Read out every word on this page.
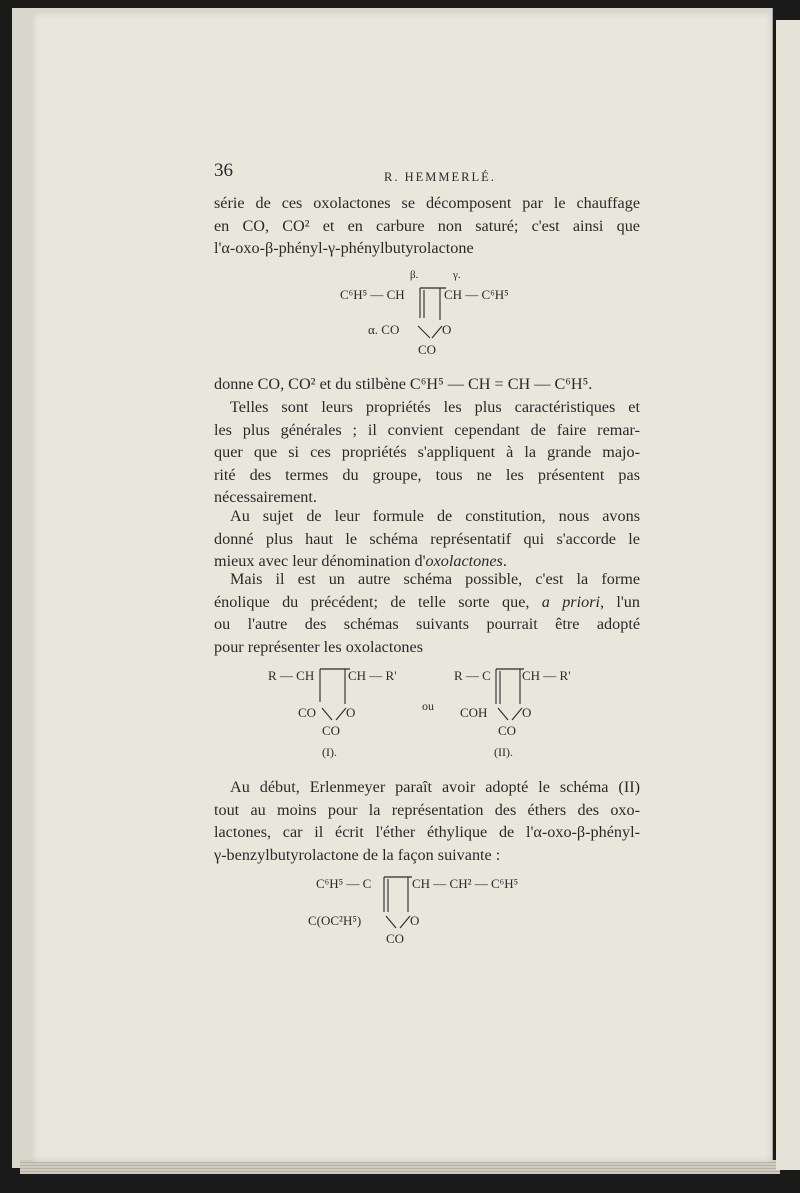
36	R. HEMMERLÉ.
série de ces oxolactones se décomposent par le chauffage
en CO, CO² et en carbure non saturé; c'est ainsi que
l'α-oxo-β-phényl-γ-phénylbutyrolactone
β.	γ.
C⁶H⁵ — CH	CH — C⁶H⁵
α. CO	O
CO
donne CO, CO² et du stilbène C⁶H⁵ — CH = CH — C⁶H⁵.
Telles sont leurs propriétés les plus caractéristiques et
les plus générales ; il convient cependant de faire remar-
quer que si ces propriétés s'appliquent à la grande majo-
rité des termes du groupe, tous ne les présentent pas
nécessairement.
Au sujet de leur formule de constitution, nous avons
donné plus haut le schéma représentatif qui s'accorde le
mieux avec leur dénomination d'oxolactones.
Mais il est un autre schéma possible, c'est la forme
énolique du précédent; de telle sorte que, a priori, l'un
ou l'autre des schémas suivants pourrait être adopté
pour représenter les oxolactones
R — CH	CH — R'
CO O
CO
(I).
ou
R — C CH — R'
COH	O
CO
(II).
Au début, Erlenmeyer paraît avoir adopté le schéma (II)
tout au moins pour la représentation des éthers des oxo-
lactones, car il écrit l'éther éthylique de l'α-oxo-β-phényl-
γ-benzylbutyrolactone de la façon suivante :
C⁶H⁵ — C	CH — CH² — C⁶H⁵
C(OC²H⁵)	O
CO
